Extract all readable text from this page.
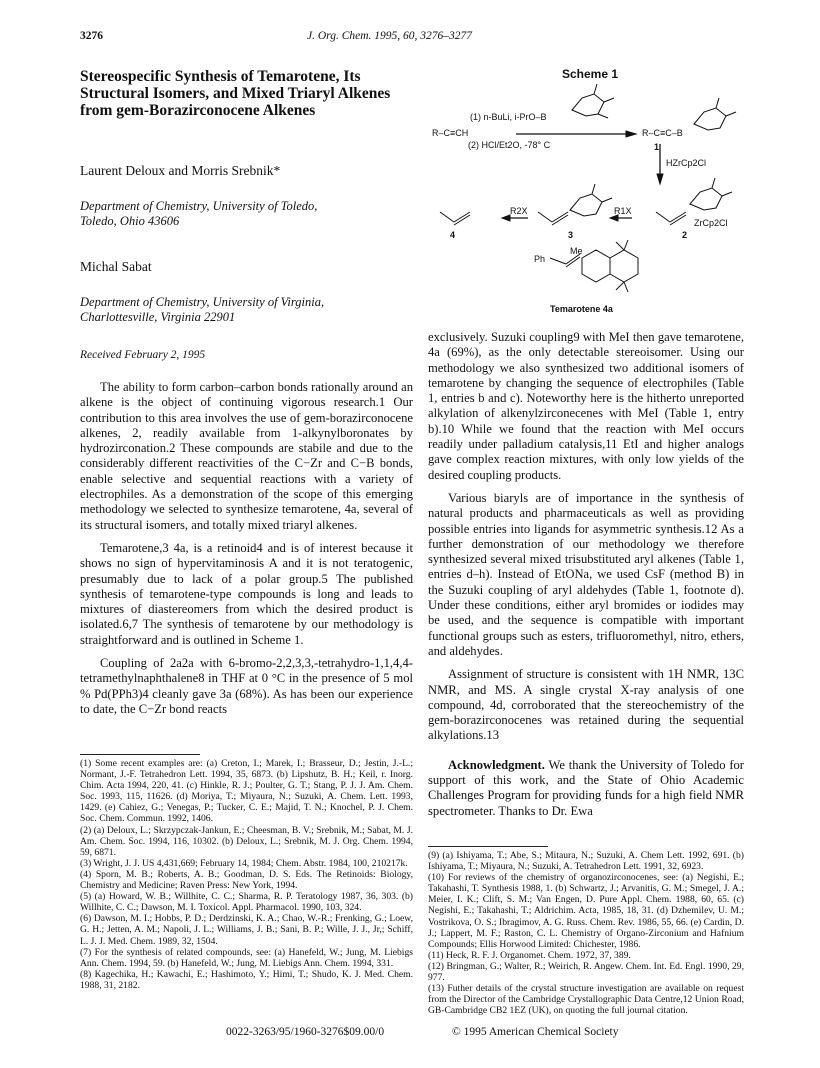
3276	J. Org. Chem. 1995, 60, 3276–3277
Stereospecific Synthesis of Temarotene, Its Structural Isomers, and Mixed Triaryl Alkenes from gem-Borazirconocene Alkenes
Laurent Deloux and Morris Srebnik*
Department of Chemistry, University of Toledo, Toledo, Ohio 43606
Michal Sabat
Department of Chemistry, University of Virginia, Charlottesville, Virginia 22901
Received February 2, 1995

The ability to form carbon–carbon bonds rationally around an alkene is the object of continuing vigorous research.1 Our contribution to this area involves the use of gem-borazirconocene alkenes, 2, readily available from 1-alkynylboronates by hydrozirconation.2 These compounds are stabile and due to the considerably different reactivities of the C−Zr and C−B bonds, enable selective and sequential reactions with a variety of electrophiles. As a demonstration of the scope of this emerging methodology we selected to synthesize temarotene, 4a, several of its structural isomers, and totally mixed triaryl alkenes.

Temarotene,3 4a, is a retinoid4 and is of interest because it shows no sign of hypervitaminosis A and it is not teratogenic, presumably due to lack of a polar group.5 The published synthesis of temarotene-type compounds is long and leads to mixtures of diastereomers from which the desired product is isolated.6,7 The synthesis of temarotene by our methodology is straightforward and is outlined in Scheme 1.

Coupling of 2a2a with 6-bromo-2,2,3,3,-tetrahydro-1,1,4,4-tetramethylnaphthalene8 in THF at 0 °C in the presence of 5 mol % Pd(PPh3)4 cleanly gave 3a (68%). As has been our experience to date, the C−Zr bond reacts

(1) Some recent examples are: (a) Creton, I.; Marek, I.; Brasseur, D.; Jestin, J.-L.; Normant, J.-F. Tetrahedron Lett. 1994, 35, 6873. (b) Lipshutz, B. H.; Keil, r. Inorg. Chim. Acta 1994, 220, 41. (c) Hinkle, R. J.; Poulter, G. T.; Stang, P. J. J. Am. Chem. Soc. 1993, 115, 11626. (d) Moriya, T.; Miyaura, N.; Suzuki, A. Chem. Lett. 1993, 1429. (e) Cahiez, G.; Venegas, P.; Tucker, C. E.; Majid, T. N.; Knochel, P. J. Chem. Soc. Chem. Commun. 1992, 1406.

(2) (a) Deloux, L.; Skrzypczak-Jankun, E.; Cheesman, B. V.; Srebnik, M.; Sabat, M. J. Am. Chem. Soc. 1994, 116, 10302. (b) Deloux, L.; Srebnik, M. J. Org. Chem. 1994, 59, 6871.

(3) Wright, J. J. US 4,431,669; February 14, 1984; Chem. Abstr. 1984, 100, 210217k.

(4) Sporn, M. B.; Roberts, A. B.; Goodman, D. S. Eds. The Retinoids: Biology, Chemistry and Medicine; Raven Press: New York, 1994.

(5) (a) Howard, W. B.; Willhite, C. C.; Sharma, R. P. Teratology 1987, 36, 303. (b) Willhite, C. C.; Dawson, M. I. Toxicol. Appl. Pharmacol. 1990, 103, 324.

(6) Dawson, M. I.; Hobbs, P. D.; Derdzinski, K. A.; Chao, W.-R.; Frenking, G.; Loew, G. H.; Jetten, A. M.; Napoli, J. L.; Williams, J. B.; Sani, B. P.; Wille, J. J., Jr,; Schiff, L. J. J. Med. Chem. 1989, 32, 1504.

(7) For the synthesis of related compounds, see: (a) Hanefeld, W.; Jung, M. Liebigs Ann. Chem. 1994, 59. (b) Hanefeld, W.; Jung, M. Liebigs Ann. Chem. 1994, 331.

(8) Kagechika, H.; Kawachi, E.; Hashimoto, Y.; Himi, T.; Shudo, K. J. Med. Chem. 1988, 31, 2182.

Scheme 1
(1) n-BuLi, i-PrO–B
(2) HCl/Et2O, -78° C
R–C≡CH	R–C≡C–B
1
HZrCp2Cl
ZrCp2Cl
2
3
4
R1X
R2X
Ph
Me
Temarotene 4a

exclusively. Suzuki coupling9 with MeI then gave temarotene, 4a (69%), as the only detectable stereoisomer. Using our methodology we also synthesized two additional isomers of temarotene by changing the sequence of electrophiles (Table 1, entries b and c). Noteworthy here is the hitherto unreported alkylation of alkenylzirconecenes with MeI (Table 1, entry b).10 While we found that the reaction with MeI occurs readily under palladium catalysis,11 EtI and higher analogs gave complex reaction mixtures, with only low yields of the desired coupling products.

Various biaryls are of importance in the synthesis of natural products and pharmaceuticals as well as providing possible entries into ligands for asymmetric synthesis.12 As a further demonstration of our methodology we therefore synthesized several mixed trisubstituted aryl alkenes (Table 1, entries d–h). Instead of EtONa, we used CsF (method B) in the Suzuki coupling of aryl aldehydes (Table 1, footnote d). Under these conditions, either aryl bromides or iodides may be used, and the sequence is compatible with important functional groups such as esters, trifluoromethyl, nitro, ethers, and aldehydes.

Assignment of structure is consistent with 1H NMR, 13C NMR, and MS. A single crystal X-ray analysis of one compound, 4d, corroborated that the stereochemistry of the gem-borazirconocenes was retained during the sequential alkylations.13

Acknowledgment. We thank the University of Toledo for support of this work, and the State of Ohio Academic Challenges Program for providing funds for a high field NMR spectrometer. Thanks to Dr. Ewa

(9) (a) Ishiyama, T.; Abe, S.; Mitaura, N.; Suzuki, A. Chem Lett. 1992, 691. (b) Ishiyama, T.; Miyaura, N.; Suzuki, A. Tetrahedron Lett. 1991, 32, 6923.

(10) For reviews of the chemistry of organozirconocenes, see: (a) Negishi, E.; Takahashi, T. Synthesis 1988, 1. (b) Schwartz, J.; Arvanitis, G. M.; Smegel, J. A.; Meier, I. K.; Clift, S. M.; Van Engen, D. Pure Appl. Chem. 1988, 60, 65. (c) Negishi, E.; Takahashi, T.; Aldrichim. Acta, 1985, 18, 31. (d) Dzhemilev, U. M.; Vostrikova, O. S.; Ibragimov, A. G. Russ. Chem. Rev. 1986, 55, 66. (e) Cardin, D. J.; Lappert, M. F.; Raston, C. L. Chemistry of Organo-Zirconium and Hafnium Compounds; Ellis Horwood Limited: Chichester, 1986.

(11) Heck, R. F. J. Organomet. Chem. 1972, 37, 389.

(12) Bringman, G.; Walter, R.; Weirich, R. Angew. Chem. Int. Ed. Engl. 1990, 29, 977.

(13) Futher details of the crystal structure investigation are available on request from the Director of the Cambridge Crystallographic Data Centre,12 Union Road, GB-Cambridge CB2 1EZ (UK), on quoting the full journal citation.

0022-3263/95/1960-3276$09.00/0	© 1995 American Chemical Society
